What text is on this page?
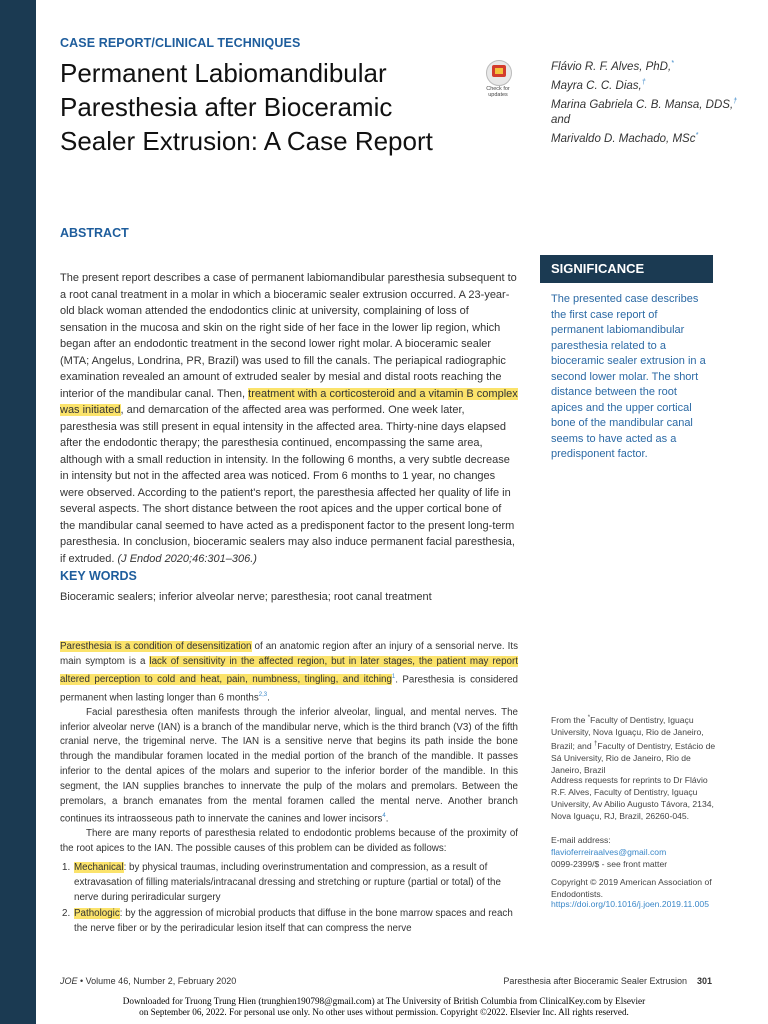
CASE REPORT/CLINICAL TECHNIQUES
Permanent Labiomandibular Paresthesia after Bioceramic Sealer Extrusion: A Case Report
Check for updates
Flávio R. F. Alves, PhD,*
Mayra C. C. Dias,†
Marina Gabriela C. B. Mansa, DDS,† and
Marivaldo D. Machado, MSc*
ABSTRACT

The present report describes a case of permanent labiomandibular paresthesia subsequent to a root canal treatment in a molar in which a bioceramic sealer extrusion occurred. A 23-year-old black woman attended the endodontics clinic at university, complaining of loss of sensation in the mucosa and skin on the right side of her face in the lower lip region, which began after an endodontic treatment in the second lower right molar. A bioceramic sealer (MTA; Angelus, Londrina, PR, Brazil) was used to fill the canals. The periapical radiographic examination revealed an amount of extruded sealer by mesial and distal roots reaching the interior of the mandibular canal. Then, treatment with a corticosteroid and a vitamin B complex was initiated, and demarcation of the affected area was performed. One week later, paresthesia was still present in equal intensity in the affected area. Thirty-nine days elapsed after the endodontic therapy; the paresthesia continued, encompassing the same area, although with a small reduction in intensity. In the following 6 months, a very subtle decrease in intensity but not in the affected area was noticed. From 6 months to 1 year, no changes were observed. According to the patient's report, the paresthesia affected her quality of life in several aspects. The short distance between the root apices and the upper cortical bone of the mandibular canal seemed to have acted as a predisponent factor to the present long-term paresthesia. In conclusion, bioceramic sealers may also induce permanent facial paresthesia, if extruded. (J Endod 2020;46:301–306.)

SIGNIFICANCE

The presented case describes the first case report of permanent labiomandibular paresthesia related to a bioceramic sealer extrusion in a second lower molar. The short distance between the root apices and the upper cortical bone of the mandibular canal seems to have acted as a predisponent factor.

KEY WORDS
Bioceramic sealers; inferior alveolar nerve; paresthesia; root canal treatment

Paresthesia is a condition of desensitization of an anatomic region after an injury of a sensorial nerve. Its main symptom is a lack of sensitivity in the affected region, but in later stages, the patient may report altered perception to cold and heat, pain, numbness, tingling, and itching$^1$. Paresthesia is considered permanent when lasting longer than 6 months$^{2,3}$.

Facial paresthesia often manifests through the inferior alveolar, lingual, and mental nerves. The inferior alveolar nerve (IAN) is a branch of the mandibular nerve, which is the third branch (V3) of the fifth cranial nerve, the trigeminal nerve. The IAN is a sensitive nerve that begins its path inside the bone through the mandibular foramen located in the medial portion of the branch of the mandible. It passes inferior to the dental apices of the molars and superior to the inferior border of the mandible. In this segment, the IAN supplies branches to innervate the pulp of the molars and premolars. Between the premolars, a branch emanates from the mental foramen called the mental nerve. Another branch continues its intraosseous path to innervate the canines and lower incisors$^4$.

There are many reports of paresthesia related to endodontic problems because of the proximity of the root apices to the IAN. The possible causes of this problem can be divided as follows:

1. Mechanical: by physical traumas, including overinstrumentation and compression, as a result of extravasation of filling materials/intracanal dressing and stretching or rupture (partial or total) of the nerve during periradicular surgery
2. Pathologic: by the aggression of microbial products that diffuse in the bone marrow spaces and reach the nerve fiber or by the periradicular lesion itself that can compress the nerve
From the *Faculty of Dentistry, Iguaçu University, Nova Iguaçu, Rio de Janeiro, Brazil; and †Faculty of Dentistry, Estácio de Sá University, Rio de Janeiro, Rio de Janeiro, Brazil
Address requests for reprints to Dr Flávio R.F. Alves, Faculty of Dentistry, Iguaçu University, Av Abilio Augusto Távora, 2134, Nova Iguaçu, RJ, Brazil, 26260-045.
E-mail address: flavioferreiraalves@gmail.com
0099-2399/$ - see front matter
Copyright © 2019 American Association of Endodontists.
https://doi.org/10.1016/j.joen.2019.11.005
JOE • Volume 46, Number 2, February 2020	Paresthesia after Bioceramic Sealer Extrusion 301
Downloaded for Truong Trung Hien (trunghien190798@gmail.com) at The University of British Columbia from ClinicalKey.com by Elsevier
on September 06, 2022. For personal use only. No other uses without permission. Copyright ©2022. Elsevier Inc. All rights reserved.
